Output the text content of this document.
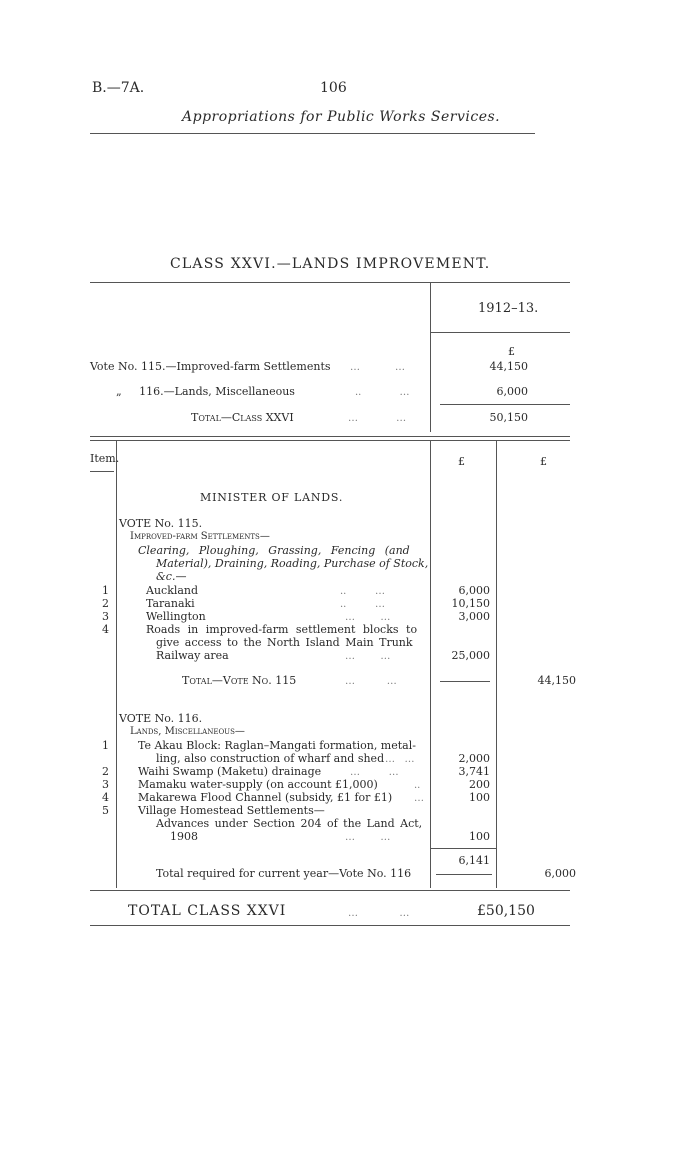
B.—7A.	106
Appropriations for Public Works Services.
CLASS XXVI.—LANDS IMPROVEMENT.
1912–13.
£
Vote No. 115.—Improved-farm Settlements …           …	44,150
„     116.—Lands, Miscellaneous	..            …	6,000
Total—Class XXVI	…            …	50,150
Item.	£	£
MINISTER OF LANDS.
VOTE No. 115.
Improved-farm Settlements—
Clearing, Ploughing, Grassing, Fencing (and
Material), Draining, Roading, Purchase of Stock,
&c.—
1	Auckland	..         …	6,000
2	Taranaki	..         …	10,150
3	Wellington	…        …	3,000
4	Roads in improved-farm settlement blocks to
give access to the North Island Main Trunk
Railway area	…        …	25,000
Total—Vote No. 115	…          …	44,150
VOTE No. 116.
Lands, Miscellaneous—
1	Te Akau Block: Raglan–Mangati formation, metal-
ling, also construction of wharf and shed …   …	2,000
2	Waihi Swamp (Maketu) drainage	…         …	3,741
3	Mamaku water-supply (on account £1,000)	..	200
4	Makarewa Flood Channel (subsidy, £1 for £1) …	100
5	Village Homestead Settlements—
Advances under Section 204 of the Land Act,
1908	…        …	100
6,141
Total required for current year—Vote No. 116	6,000
TOTAL CLASS XXVI	…             …	£50,150
